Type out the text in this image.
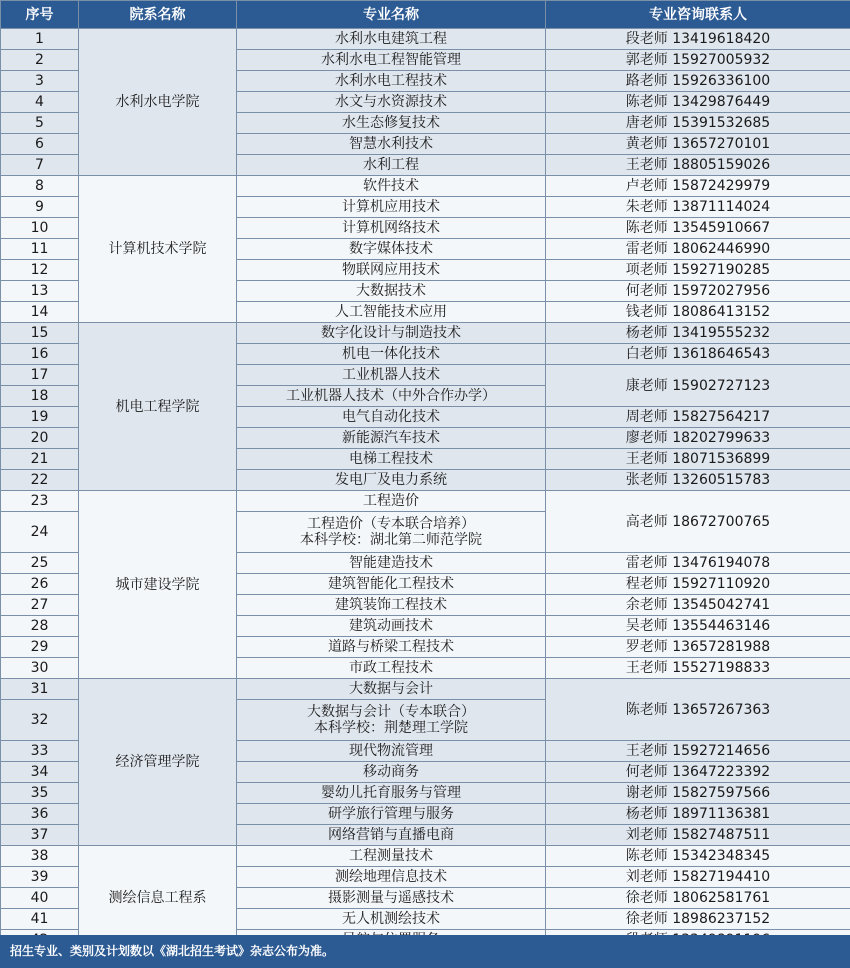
序号	院系名称	专业名称	专业咨询联系人
1	水利水电学院	水利水电建筑工程	段老师 13419618420
2		水利水电工程智能管理	郭老师 15927005932
3		水利水电工程技术	路老师 15926336100
4		水文与水资源技术	陈老师 13429876449
5		水生态修复技术	唐老师 15391532685
6		智慧水利技术	黄老师 13657270101
7		水利工程	王老师 18805159026
8	计算机技术学院	软件技术	卢老师 15872429979
9		计算机应用技术	朱老师 13871114024
10		计算机网络技术	陈老师 13545910667
11		数字媒体技术	雷老师 18062446990
12		物联网应用技术	项老师 15927190285
13		大数据技术	何老师 15972027956
14		人工智能技术应用	钱老师 18086413152
15	机电工程学院	数字化设计与制造技术	杨老师 13419555232
16		机电一体化技术	白老师 13618646543
17		工业机器人技术	康老师 15902727123
18		工业机器人技术（中外合作办学）	

19		电气自动化技术	周老师 15827564217
20		新能源汽车技术	廖老师 18202799633
21		电梯工程技术	王老师 18071536899
22		发电厂及电力系统	张老师 13260515783
23	城市建设学院	工程造价	高老师 18672700765
24		工程造价（专本联合培养）
本科学校：湖北第二师范学院	

25		智能建造技术	雷老师 13476194078
26		建筑智能化工程技术	程老师 15927110920
27		建筑装饰工程技术	余老师 13545042741
28		建筑动画技术	吴老师 13554463146
29		道路与桥梁工程技术	罗老师 13657281988
30		市政工程技术	王老师 15527198833
31	经济管理学院	大数据与会计	陈老师 13657267363
32		大数据与会计（专本联合）
本科学校：荆楚理工学院	

33		现代物流管理	王老师 15927214656
34		移动商务	何老师 13647223392
35		婴幼儿托育服务与管理	谢老师 15827597566
36		研学旅行管理与服务	杨老师 18971136381
37		网络营销与直播电商	刘老师 15827487511
38	测绘信息工程系	工程测量技术	陈老师 15342348345
39		测绘地理信息技术	刘老师 15827194410
40		摄影测量与遥感技术	徐老师 18062581761
41		无人机测绘技术	徐老师 18986237152

招生专业、类别及计划数以《湖北招生考试》杂志公布为准。
